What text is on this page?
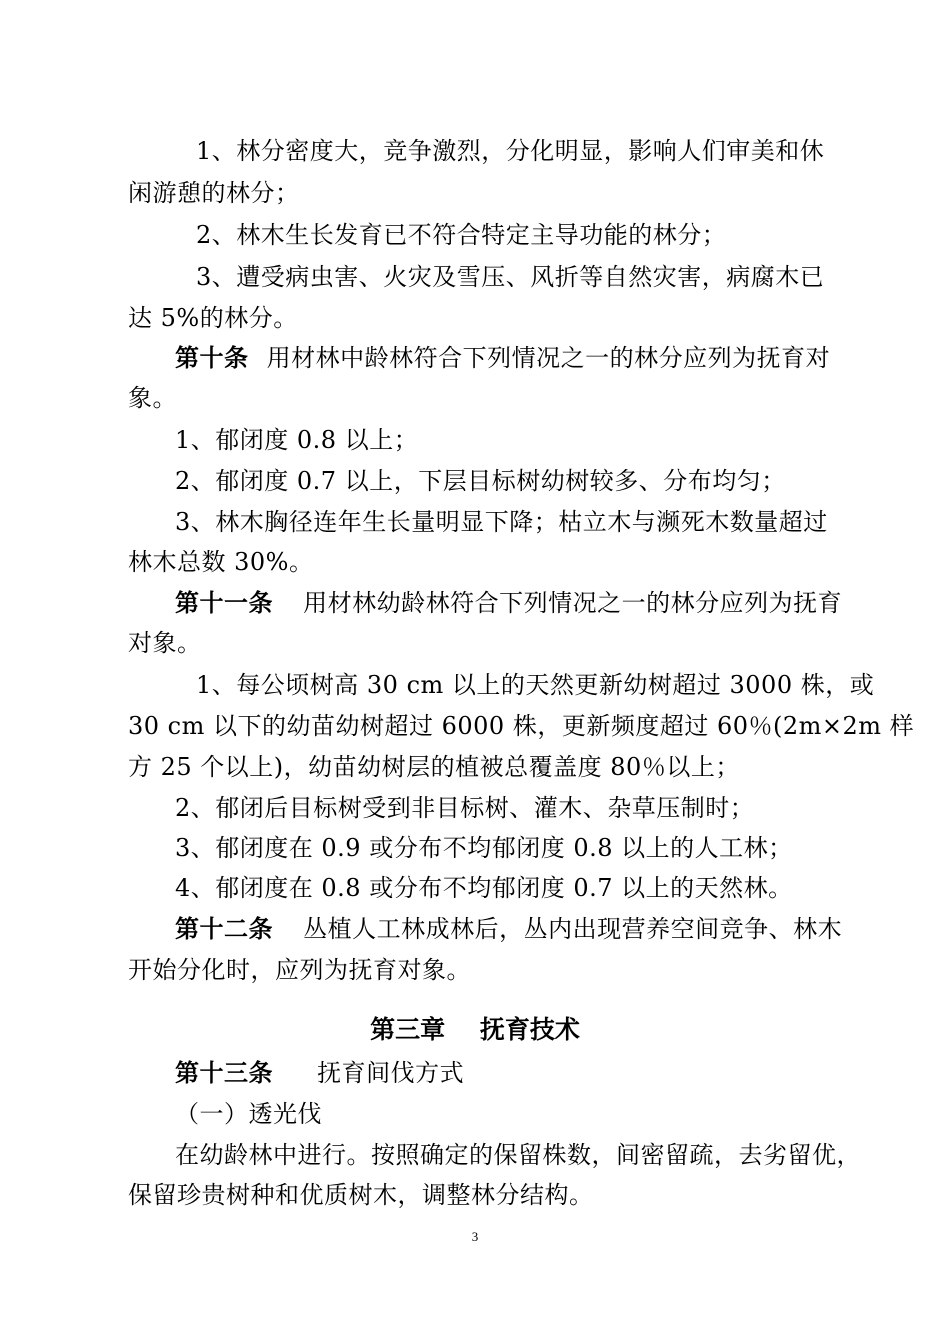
1、林分密度大，竞争激烈，分化明显，影响人们审美和休
闲游憩的林分；
2、林木生长发育已不符合特定主导功能的林分；
3、遭受病虫害、火灾及雪压、风折等自然灾害，病腐木已
达 5%的林分。
第十条 用材林中龄林符合下列情况之一的林分应列为抚育对
象。
1、郁闭度 0.8 以上；
2、郁闭度 0.7 以上，下层目标树幼树较多、分布均匀；
3、林木胸径连年生长量明显下降；枯立木与濒死木数量超过
林木总数 30%。
第十一条 用材林幼龄林符合下列情况之一的林分应列为抚育
对象。
1、每公顷树高 30 cm 以上的天然更新幼树超过 3000 株，或
30 cm 以下的幼苗幼树超过 6000 株，更新频度超过 60％(2m×2m 样
方 25 个以上)，幼苗幼树层的植被总覆盖度 80％以上；
2、郁闭后目标树受到非目标树、灌木、杂草压制时；
3、郁闭度在 0.9 或分布不均郁闭度 0.8 以上的人工林；
4、郁闭度在 0.8 或分布不均郁闭度 0.7 以上的天然林。
第十二条 丛植人工林成林后，丛内出现营养空间竞争、林木
开始分化时，应列为抚育对象。
第三章    抚育技术
第十三条 抚育间伐方式
（一）透光伐
在幼龄林中进行。按照确定的保留株数，间密留疏，去劣留优，
保留珍贵树种和优质树木，调整林分结构。
3
